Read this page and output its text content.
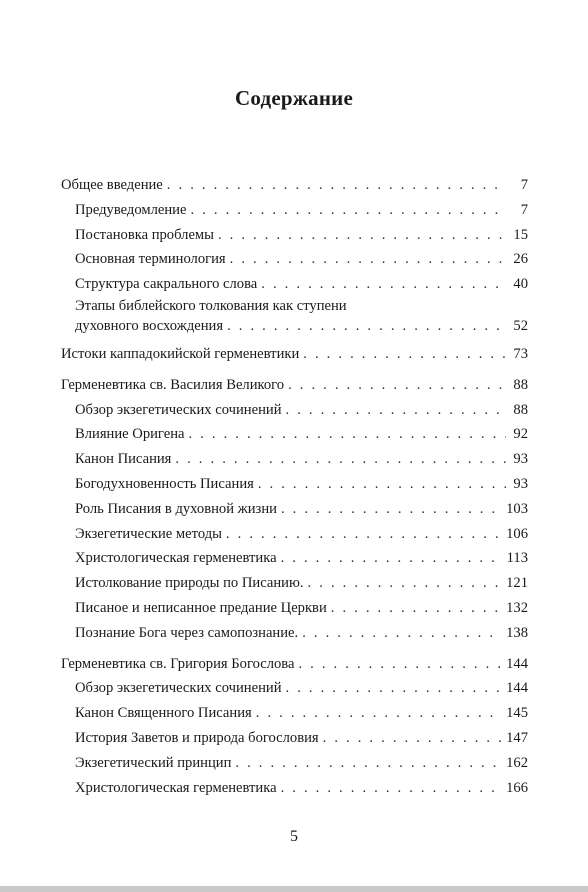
Содержание
Общее введение . . .	7
Предуведомление . . .	7
Постановка проблемы . . .	15
Основная терминология . . .	26
Структура сакрального слова . . .	40
Этапы библейского толкования как ступени
духовного восхождения . . .	52
Истоки каппадокийской герменевтики . . .	73
Герменевтика св. Василия Великого . . .	88
Обзор экзегетических сочинений . . .	88
Влияние Оригена . . .	92
Канон Писания . . .	93
Богодухновенность Писания . . .	93
Роль Писания в духовной жизни . . .	103
Экзегетические методы . . .	106
Христологическая герменевтика . . .	113
Истолкование природы по Писанию. . . .	121
Писаное и неписанное предание Церкви . . .	132
Познание Бога через самопознание. . . .	138
Герменевтика св. Григория Богослова . . .	144
Обзор экзегетических сочинений . . .	144
Канон Священного Писания . . .	145
История Заветов и природа богословия . . .	147
Экзегетический принцип . . .	162
Христологическая герменевтика . . .	166
5
